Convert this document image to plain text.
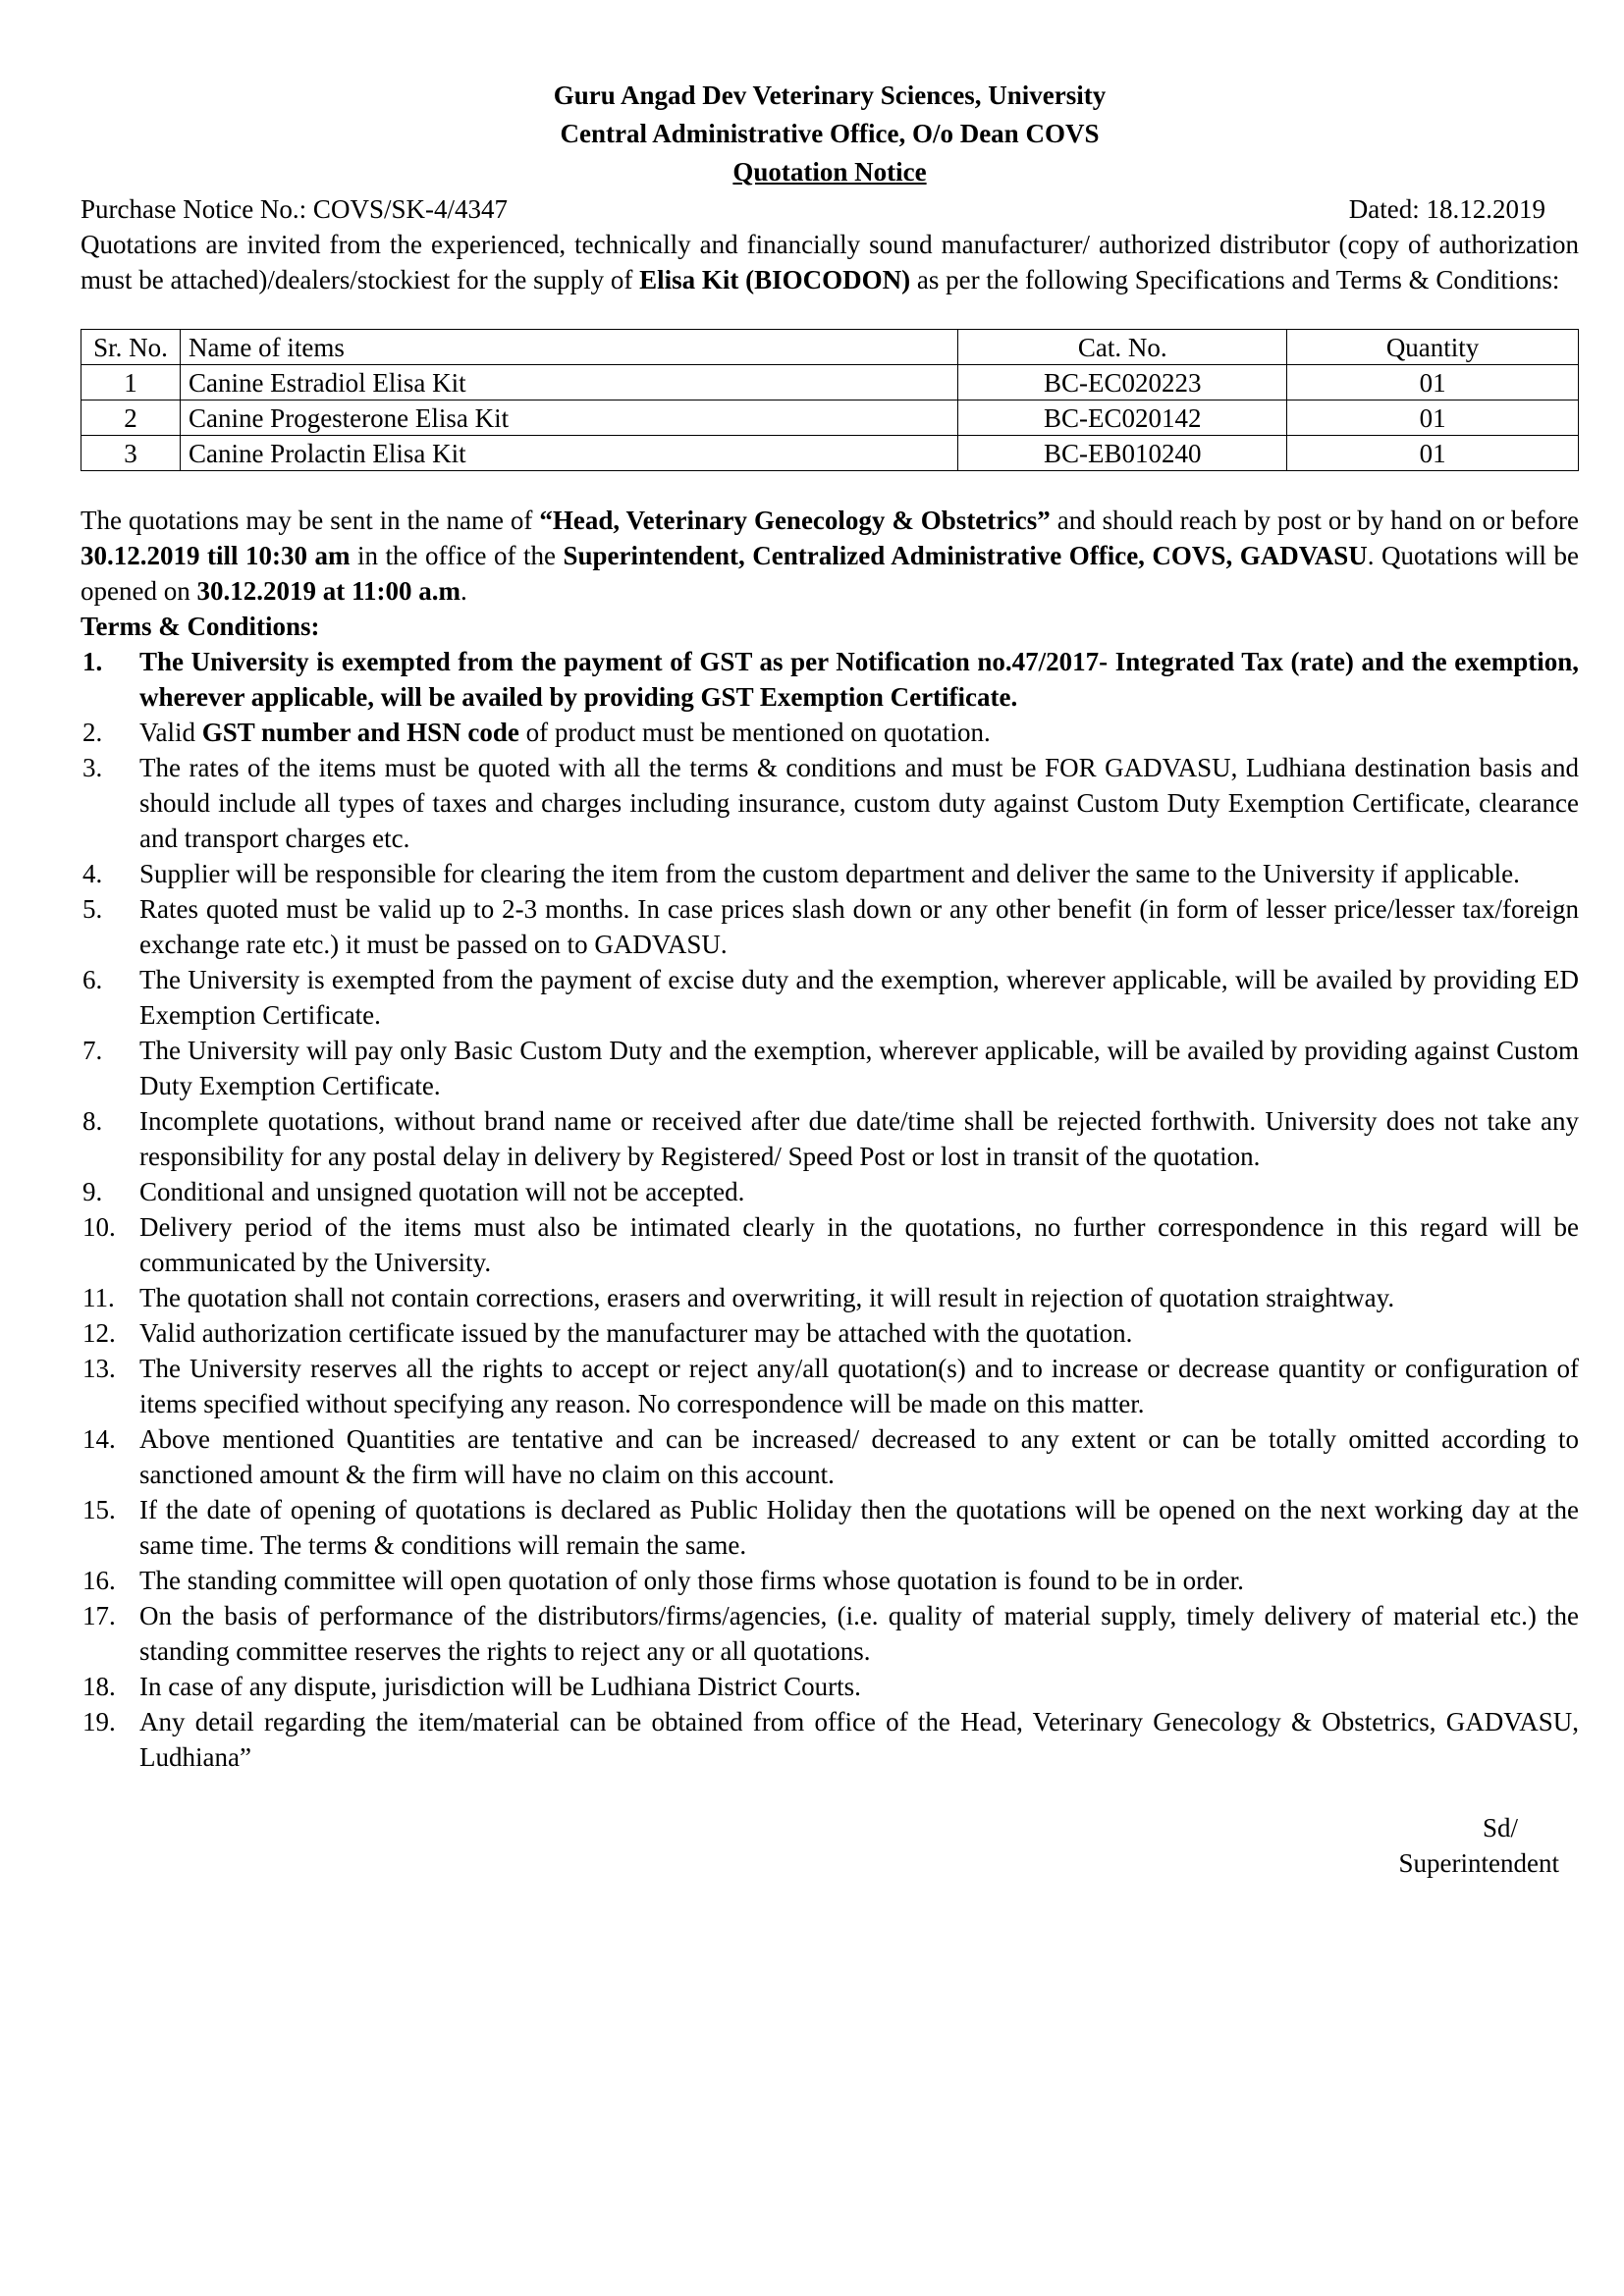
Guru Angad Dev Veterinary Sciences, University
Central Administrative Office, O/o Dean COVS
Quotation Notice
Purchase Notice No.: COVS/SK-4/4347	Dated: 18.12.2019
Quotations are invited from the experienced, technically and financially sound manufacturer/ authorized distributor (copy of authorization must be attached)/dealers/stockiest for the supply of Elisa Kit (BIOCODON) as per the following Specifications and Terms & Conditions:
Sr. No.	Name of items	Cat. No.	Quantity
1	Canine Estradiol Elisa Kit	BC-EC020223	01
2	Canine Progesterone Elisa Kit	BC-EC020142	01
3	Canine Prolactin Elisa Kit	BC-EB010240	01
The quotations may be sent in the name of “Head, Veterinary Genecology & Obstetrics” and should reach by post or by hand on or before 30.12.2019 till 10:30 am in the office of the Superintendent, Centralized Administrative Office, COVS, GADVASU. Quotations will be opened on 30.12.2019 at 11:00 a.m.
Terms & Conditions:
1.	The University is exempted from the payment of GST as per Notification no.47/2017- Integrated Tax (rate) and the exemption, wherever applicable, will be availed by providing GST Exemption Certificate.
2.	Valid GST number and HSN code of product must be mentioned on quotation.
3.	The rates of the items must be quoted with all the terms & conditions and must be FOR GADVASU, Ludhiana destination basis and should include all types of taxes and charges including insurance, custom duty against Custom Duty Exemption Certificate, clearance and transport charges etc.
4.	Supplier will be responsible for clearing the item from the custom department and deliver the same to the University if applicable.
5.	Rates quoted must be valid up to 2-3 months. In case prices slash down or any other benefit (in form of lesser price/lesser tax/foreign exchange rate etc.) it must be passed on to GADVASU.
6.	The University is exempted from the payment of excise duty and the exemption, wherever applicable, will be availed by providing ED Exemption Certificate.
7.	The University will pay only Basic Custom Duty and the exemption, wherever applicable, will be availed by providing against Custom Duty Exemption Certificate.
8.	Incomplete quotations, without brand name or received after due date/time shall be rejected forthwith. University does not take any responsibility for any postal delay in delivery by Registered/ Speed Post or lost in transit of the quotation.
9.	Conditional and unsigned quotation will not be accepted.
10. Delivery period of the items must also be intimated clearly in the quotations, no further correspondence in this regard will be communicated by the University.
11. The quotation shall not contain corrections, erasers and overwriting, it will result in rejection of quotation straightway.
12. Valid authorization certificate issued by the manufacturer may be attached with the quotation.
13. The University reserves all the rights to accept or reject any/all quotation(s) and to increase or decrease quantity or configuration of items specified without specifying any reason. No correspondence will be made on this matter.
14. Above mentioned Quantities are tentative and can be increased/ decreased to any extent or can be totally omitted according to sanctioned amount & the firm will have no claim on this account.
15. If the date of opening of quotations is declared as Public Holiday then the quotations will be opened on the next working day at the same time. The terms & conditions will remain the same.
16. The standing committee will open quotation of only those firms whose quotation is found to be in order.
17. On the basis of performance of the distributors/firms/agencies, (i.e. quality of material supply, timely delivery of material etc.) the standing committee reserves the rights to reject any or all quotations.
18. In case of any dispute, jurisdiction will be Ludhiana District Courts.
19. Any detail regarding the item/material can be obtained from office of the Head, Veterinary Genecology & Obstetrics, GADVASU, Ludhiana”
Sd/
Superintendent
